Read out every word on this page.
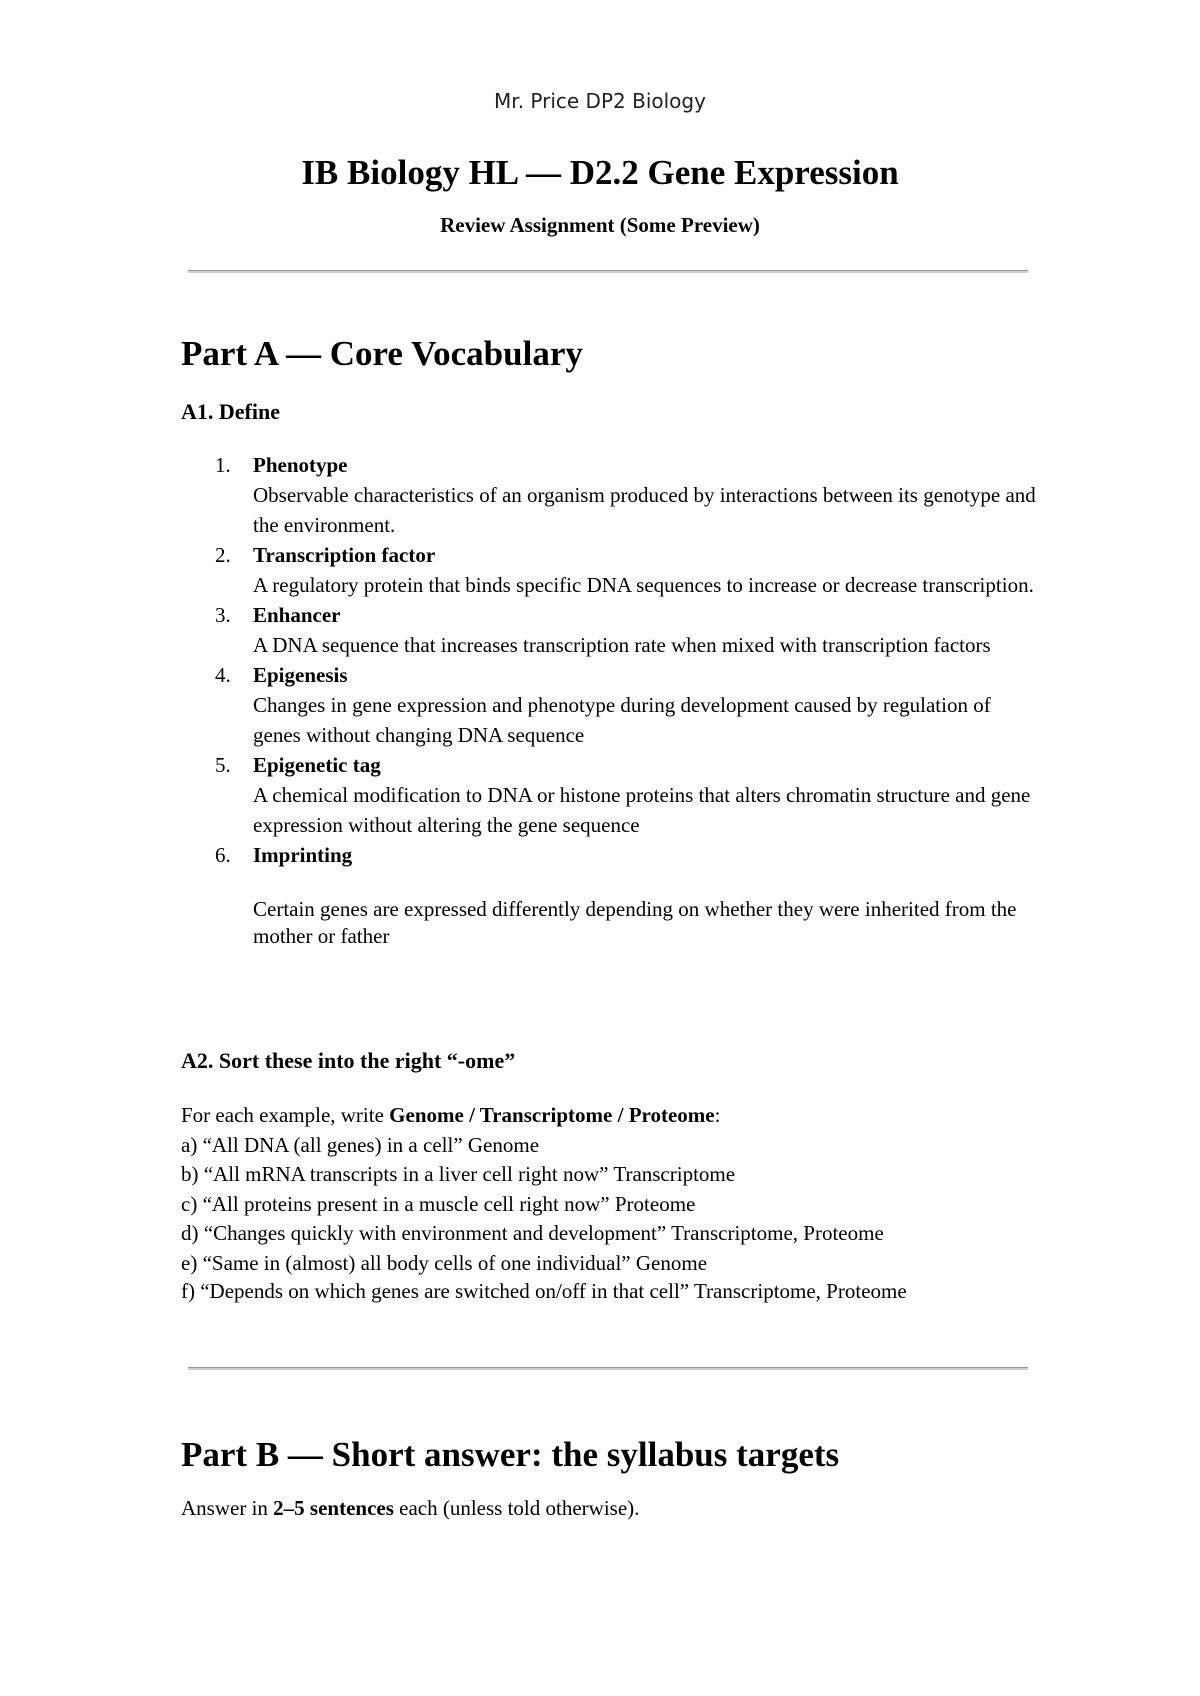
Mr. Price DP2 Biology
IB Biology HL — D2.2 Gene Expression

Review Assignment (Some Preview)

Part A — Core Vocabulary
A1. Define
1. Phenotype
Observable characteristics of an organism produced by interactions between its genotype and the environment.
2. Transcription factor
A regulatory protein that binds specific DNA sequences to increase or decrease transcription.
3. Enhancer
A DNA sequence that increases transcription rate when mixed with transcription factors
4. Epigenesis
Changes in gene expression and phenotype during development caused by regulation of genes without changing DNA sequence
5. Epigenetic tag
A chemical modification to DNA or histone proteins that alters chromatin structure and gene expression without altering the gene sequence
6. Imprinting
Certain genes are expressed differently depending on whether they were inherited from the mother or father
A2. Sort these into the right “-ome”
For each example, write Genome / Transcriptome / Proteome:
a) “All DNA (all genes) in a cell” Genome
b) “All mRNA transcripts in a liver cell right now” Transcriptome
c) “All proteins present in a muscle cell right now” Proteome
d) “Changes quickly with environment and development” Transcriptome, Proteome
e) “Same in (almost) all body cells of one individual” Genome
f) “Depends on which genes are switched on/off in that cell” Transcriptome, Proteome
Part B — Short answer: the syllabus targets
Answer in 2–5 sentences each (unless told otherwise).
